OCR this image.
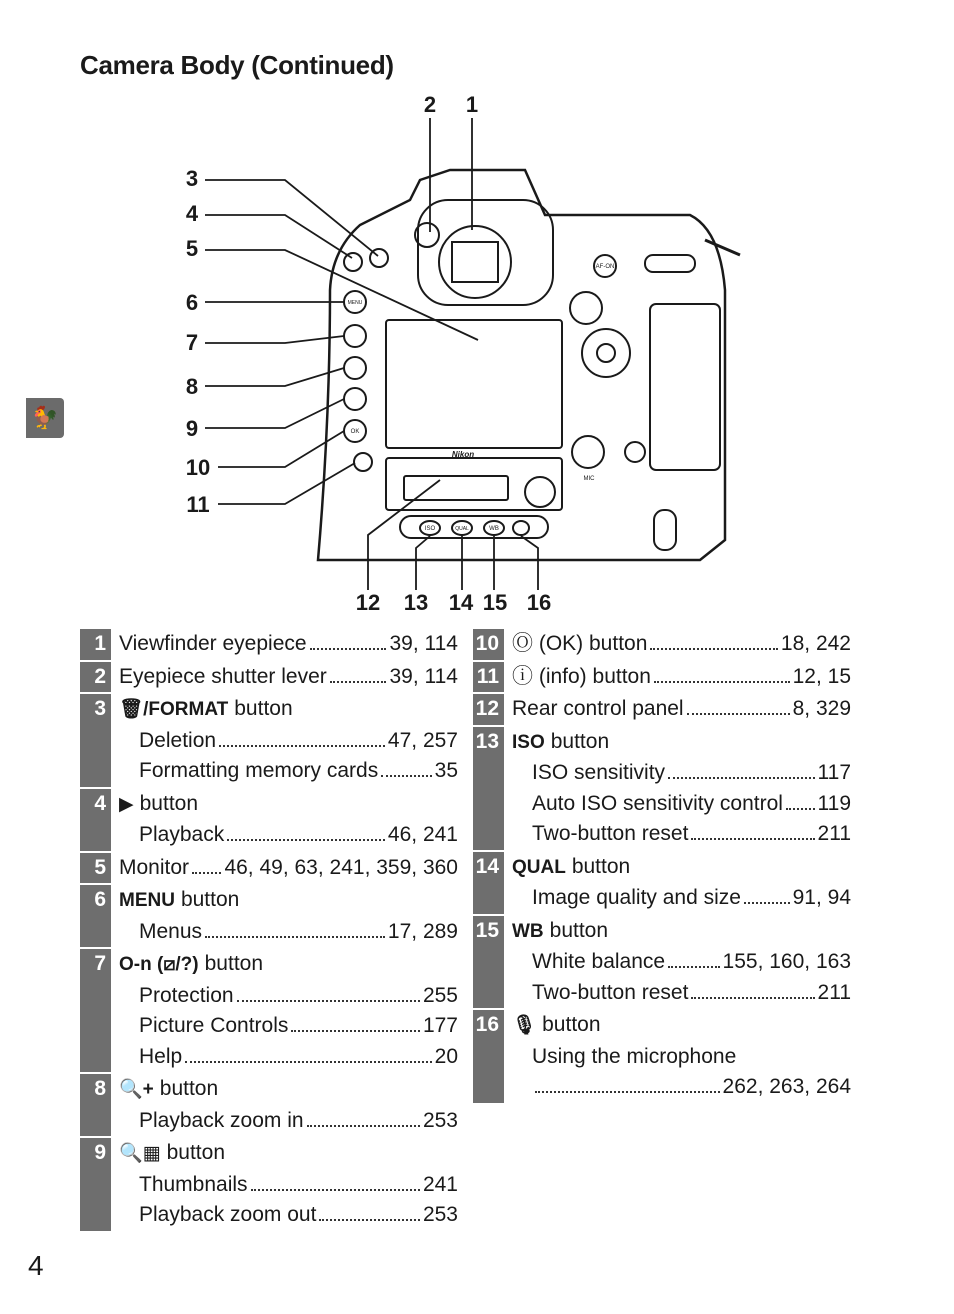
Camera Body (Continued)
Nikon
AF-ON
MIC
ISO	QUAL	WB
MENU
OK
1
2
3
4
5
6
7
8
9
10
11
12 13 14 15 16
🐓
1 Viewfinder eyepiece	39, 114
2 Eyepiece shutter lever	39, 114
3 🗑/FORMAT button
Deletion	47, 257
Formatting memory cards	35
4 ▶ button
Playback	46, 241
5 Monitor 46, 49, 63, 241, 359, 360
6 MENU button
Menus	17, 289
7 O‑n (⧄/?) button
Protection	255
Picture Controls	177
Help	20
8 🔍+ button
Playback zoom in	253
9 🔍▦ button
Thumbnails	241
Playback zoom out	253
10 Ⓞ (OK) button	18, 242
11 ⓘ (info) button	12, 15
12 Rear control panel	8, 329
13 ISO button
ISO sensitivity	117
Auto ISO sensitivity control 119
Two-button reset	211
14 QUAL button
Image quality and size 91, 94
15 WB button
White balance	155, 160, 163
Two-button reset	211
16 🎙 button
Using the microphone
262, 263, 264
4
